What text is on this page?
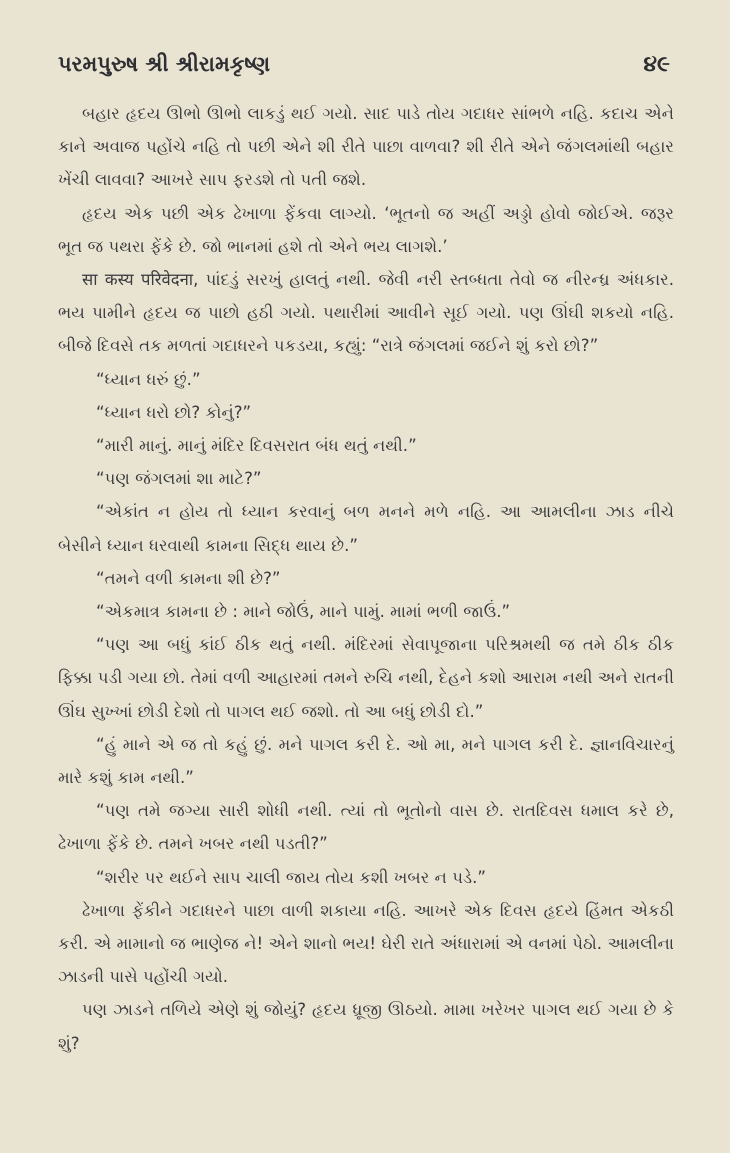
પરમપુરુષ શ્રી શ્રીરામકૃષ્ણ	૪૯

બહાર હૃદય ઊભો ઊભો લાકડું થઈ ગયો. સાદ પાડે તોય ગદાધર સાંભળે નહિ. કદાચ એને કાને અવાજ પહોંચે નહિ તો પછી એને શી રીતે પાછા વાળવા? શી રીતે એને જંગલમાંથી બહાર ખેંચી લાવવા? આખરે સાપ ફરડશે તો પતી જશે.

હૃદય એક પછી એક ઢેખાળા ફેંકવા લાગ્યો. ‘ભૂતનો જ અહીં અડ્ડો હોવો જોઈએ. જરૂર ભૂત જ પથરા ફેંકે છે. જો ભાનમાં હશે તો એને ભય લાગશે.’

सा कस्य परिवेदना, પાંદડું સરખું હાલતું નથી. જેવી નરી સ્તબ્ધતા તેવો જ નીરન્ધ્ર અંધકાર. ભય પામીને હૃદય જ પાછો હઠી ગયો. પથારીમાં આવીને સૂઈ ગયો. પણ ઊંઘી શકયો નહિ. બીજે દિવસે તક મળતાં ગદાધરને પકડયા, કહ્યું: “રાત્રે જંગલમાં જઈને શું કરો છો?”

“ધ્યાન ધરું છું.”

“ધ્યાન ધરો છો? કોનું?”

“મારી માનું. માનું મંદિર દિવસરાત બંધ થતું નથી.”

“પણ જંગલમાં શા માટે?”

“એકાંત ન હોય તો ધ્યાન કરવાનું બળ મનને મળે નહિ. આ આમલીના ઝાડ નીચે બેસીને ધ્યાન ધરવાથી કામના સિદ્ધ થાય છે.”

“તમને વળી કામના શી છે?”

“એકમાત્ર કામના છે : માને જોઉં, માને પામું. મામાં ભળી જાઉં.”

“પણ આ બધું કાંઈ ઠીક થતું નથી. મંદિરમાં સેવાપૂજાના પરિશ્રમથી જ તમે ઠીક ઠીક ફિક્કા પડી ગયા છો. તેમાં વળી આહારમાં તમને રુચિ નથી, દેહને કશો આરામ નથી અને રાતની ઊંઘ સુખ્ખાં છોડી દેશો તો પાગલ થઈ જશો. તો આ બધું છોડી દો.”

“હું માને એ જ તો કહું છું. મને પાગલ કરી દે. ઓ મા, મને પાગલ કરી દે. જ્ઞાનવિચારનું મારે કશું કામ નથી.”

“પણ તમે જગ્યા સારી શોધી નથી. ત્યાં તો ભૂતોનો વાસ છે. રાતદિવસ ધમાલ કરે છે, ઢેખાળા ફેંકે છે. તમને ખબર નથી પડતી?”

“શરીર પર થઈને સાપ ચાલી જાય તોય કશી ખબર ન પડે.”

ઢેખાળા ફેંકીને ગદાધરને પાછા વાળી શકાયા નહિ. આખરે એક દિવસ હૃદયે હિંમત એકઠી કરી. એ મામાનો જ ભાણેજ ને! એને શાનો ભય! ઘેરી રાતે અંધારામાં એ વનમાં પેઠો. આમલીના ઝાડની પાસે પહોંચી ગયો.

પણ ઝાડને તળિયે એણે શું જોયું? હૃદય ધ્રૂજી ઊઠયો. મામા ખરેખર પાગલ થઈ ગયા છે કે શું?
